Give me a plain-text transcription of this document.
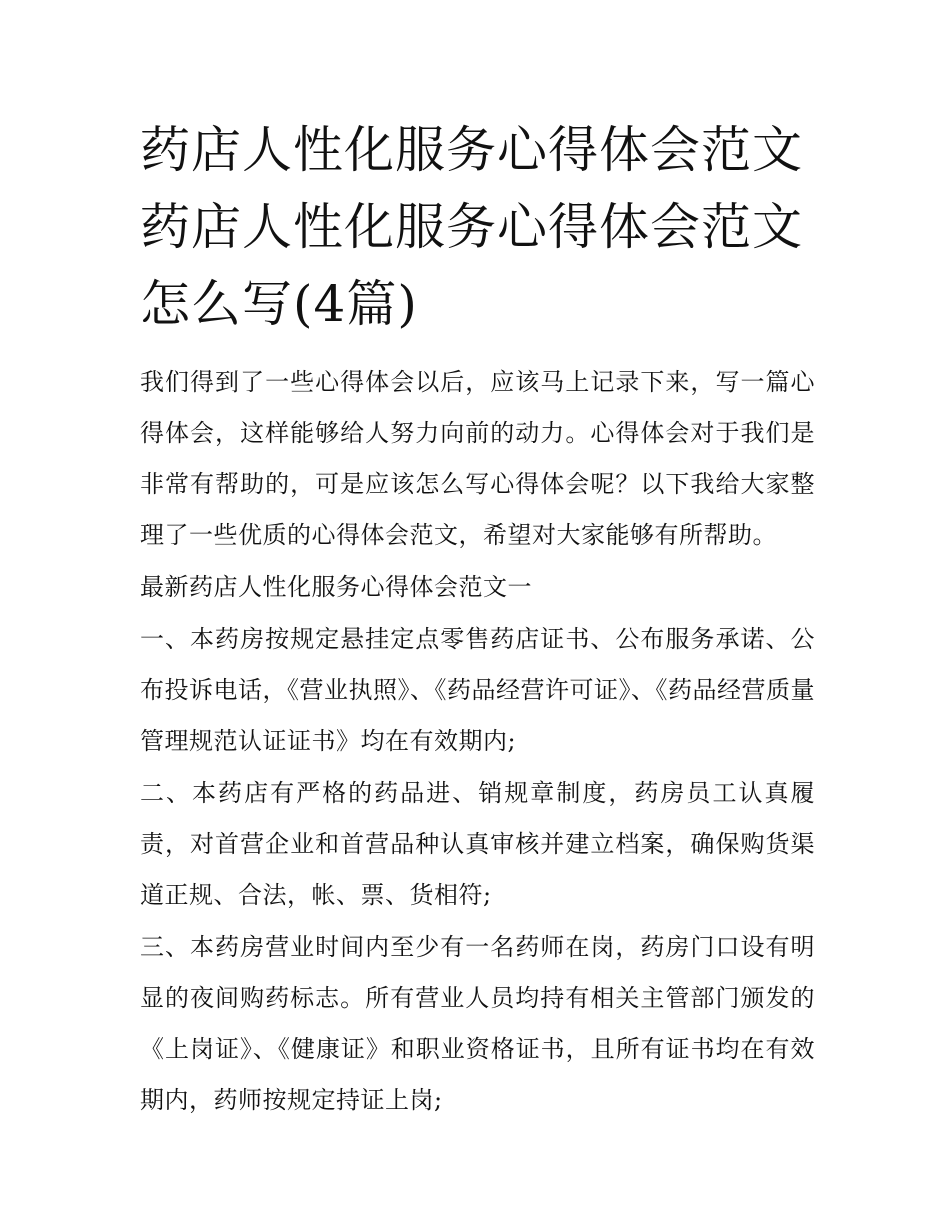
药店人性化服务心得体会范文药店人性化服务心得体会范文怎么写(4篇)

我们得到了一些心得体会以后，应该马上记录下来，写一篇心得体会，这样能够给人努力向前的动力。心得体会对于我们是非常有帮助的，可是应该怎么写心得体会呢？以下我给大家整理了一些优质的心得体会范文，希望对大家能够有所帮助。

最新药店人性化服务心得体会范文一

一、本药房按规定悬挂定点零售药店证书、公布服务承诺、公布投诉电话，《营业执照》、《药品经营许可证》、《药品经营质量管理规范认证证书》均在有效期内;

二、本药店有严格的药品进、销规章制度，药房员工认真履责，对首营企业和首营品种认真审核并建立档案，确保购货渠道正规、合法，帐、票、货相符;

三、本药房营业时间内至少有一名药师在岗，药房门口设有明显的夜间购药标志。所有营业人员均持有相关主管部门颁发的《上岗证》、《健康证》和职业资格证书，且所有证书均在有效期内，药师按规定持证上岗;
